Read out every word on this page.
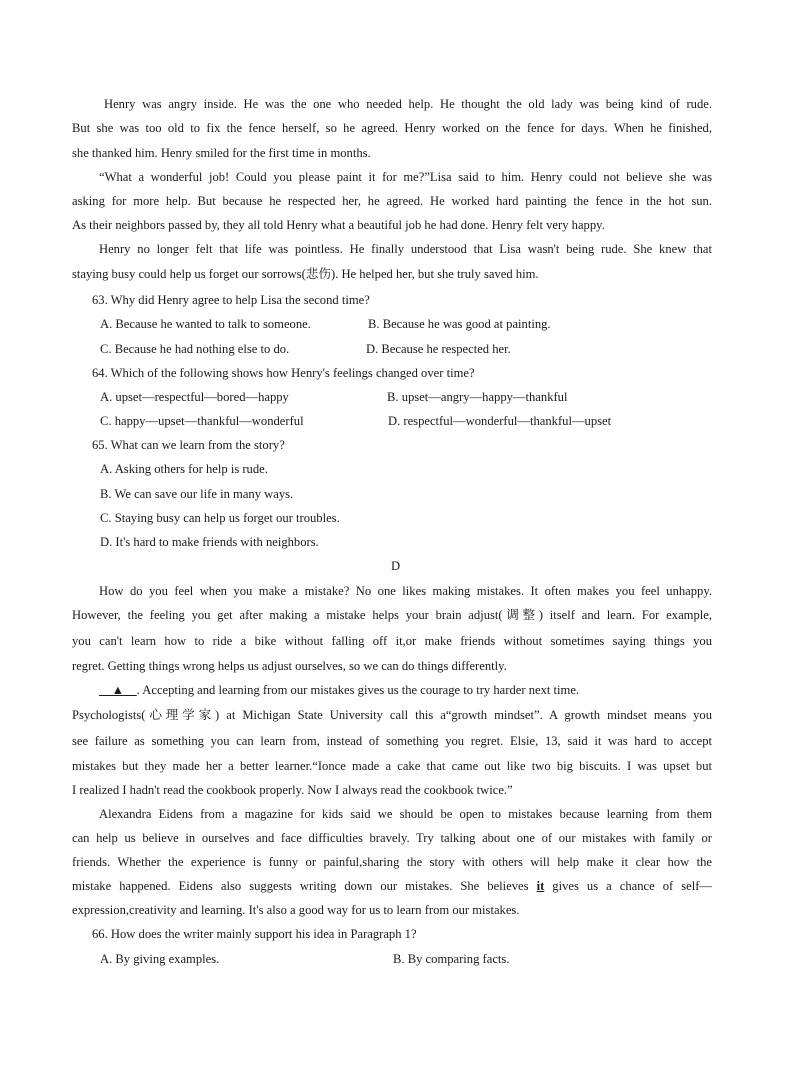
Henry was angry inside. He was the one who needed help. He thought the old lady was being kind of rude.
But she was too old to fix the fence herself, so he agreed. Henry worked on the fence for days. When he finished,
she thanked him. Henry smiled for the first time in months.
“What a wonderful job! Could you please paint it for me?”Lisa said to him. Henry could not believe she was
asking for more help. But because he respected her, he agreed. He worked hard painting the fence in the hot sun.
As their neighbors passed by, they all told Henry what a beautiful job he had done. Henry felt very happy.
Henry no longer felt that life was pointless. He finally understood that Lisa wasn't being rude. She knew that
staying busy could help us forget our sorrows(悲伤). He helped her, but she truly saved him.
63. Why did Henry agree to help Lisa the second time?
A. Because he wanted to talk to someone.	B. Because he was good at painting.
C. Because he had nothing else to do.	D. Because he respected her.
64. Which of the following shows how Henry's feelings changed over time?
A. upset—respectful—bored—happy	B. upset—angry—happy—thankful
C. happy—upset—thankful—wonderful	D. respectful—wonderful—thankful—upset
65. What can we learn from the story?
A. Asking others for help is rude.
B. We can save our life in many ways.
C. Staying busy can help us forget our troubles.
D. It's hard to make friends with neighbors.
D
How do you feel when you make a mistake? No one likes making mistakes. It often makes you feel unhappy.
However, the feeling you get after making a mistake helps your brain adjust(调整) itself and learn. For example,
you can't learn how to ride a bike without falling off it,or make friends without sometimes saying things you
regret. Getting things wrong helps us adjust ourselves, so we can do things differently.
__▲__. Accepting and learning from our mistakes gives us the courage to try harder next time.
Psychologists(心理学家) at Michigan State University call this a“growth mindset”. A growth mindset means you
see failure as something you can learn from, instead of something you regret. Elsie, 13, said it was hard to accept
mistakes but they made her a better learner.“Ionce made a cake that came out like two big biscuits. I was upset but
I realized I hadn't read the cookbook properly. Now I always read the cookbook twice.”
Alexandra Eidens from a magazine for kids said we should be open to mistakes because learning from them
can help us believe in ourselves and face difficulties bravely. Try talking about one of our mistakes with family or
friends. Whether the experience is funny or painful,sharing the story with others will help make it clear how the
mistake happened. Eidens also suggests writing down our mistakes. She believes it gives us a chance of self—
expression,creativity and learning. It's also a good way for us to learn from our mistakes.
66. How does the writer mainly support his idea in Paragraph 1?
A. By giving examples.	B. By comparing facts.
